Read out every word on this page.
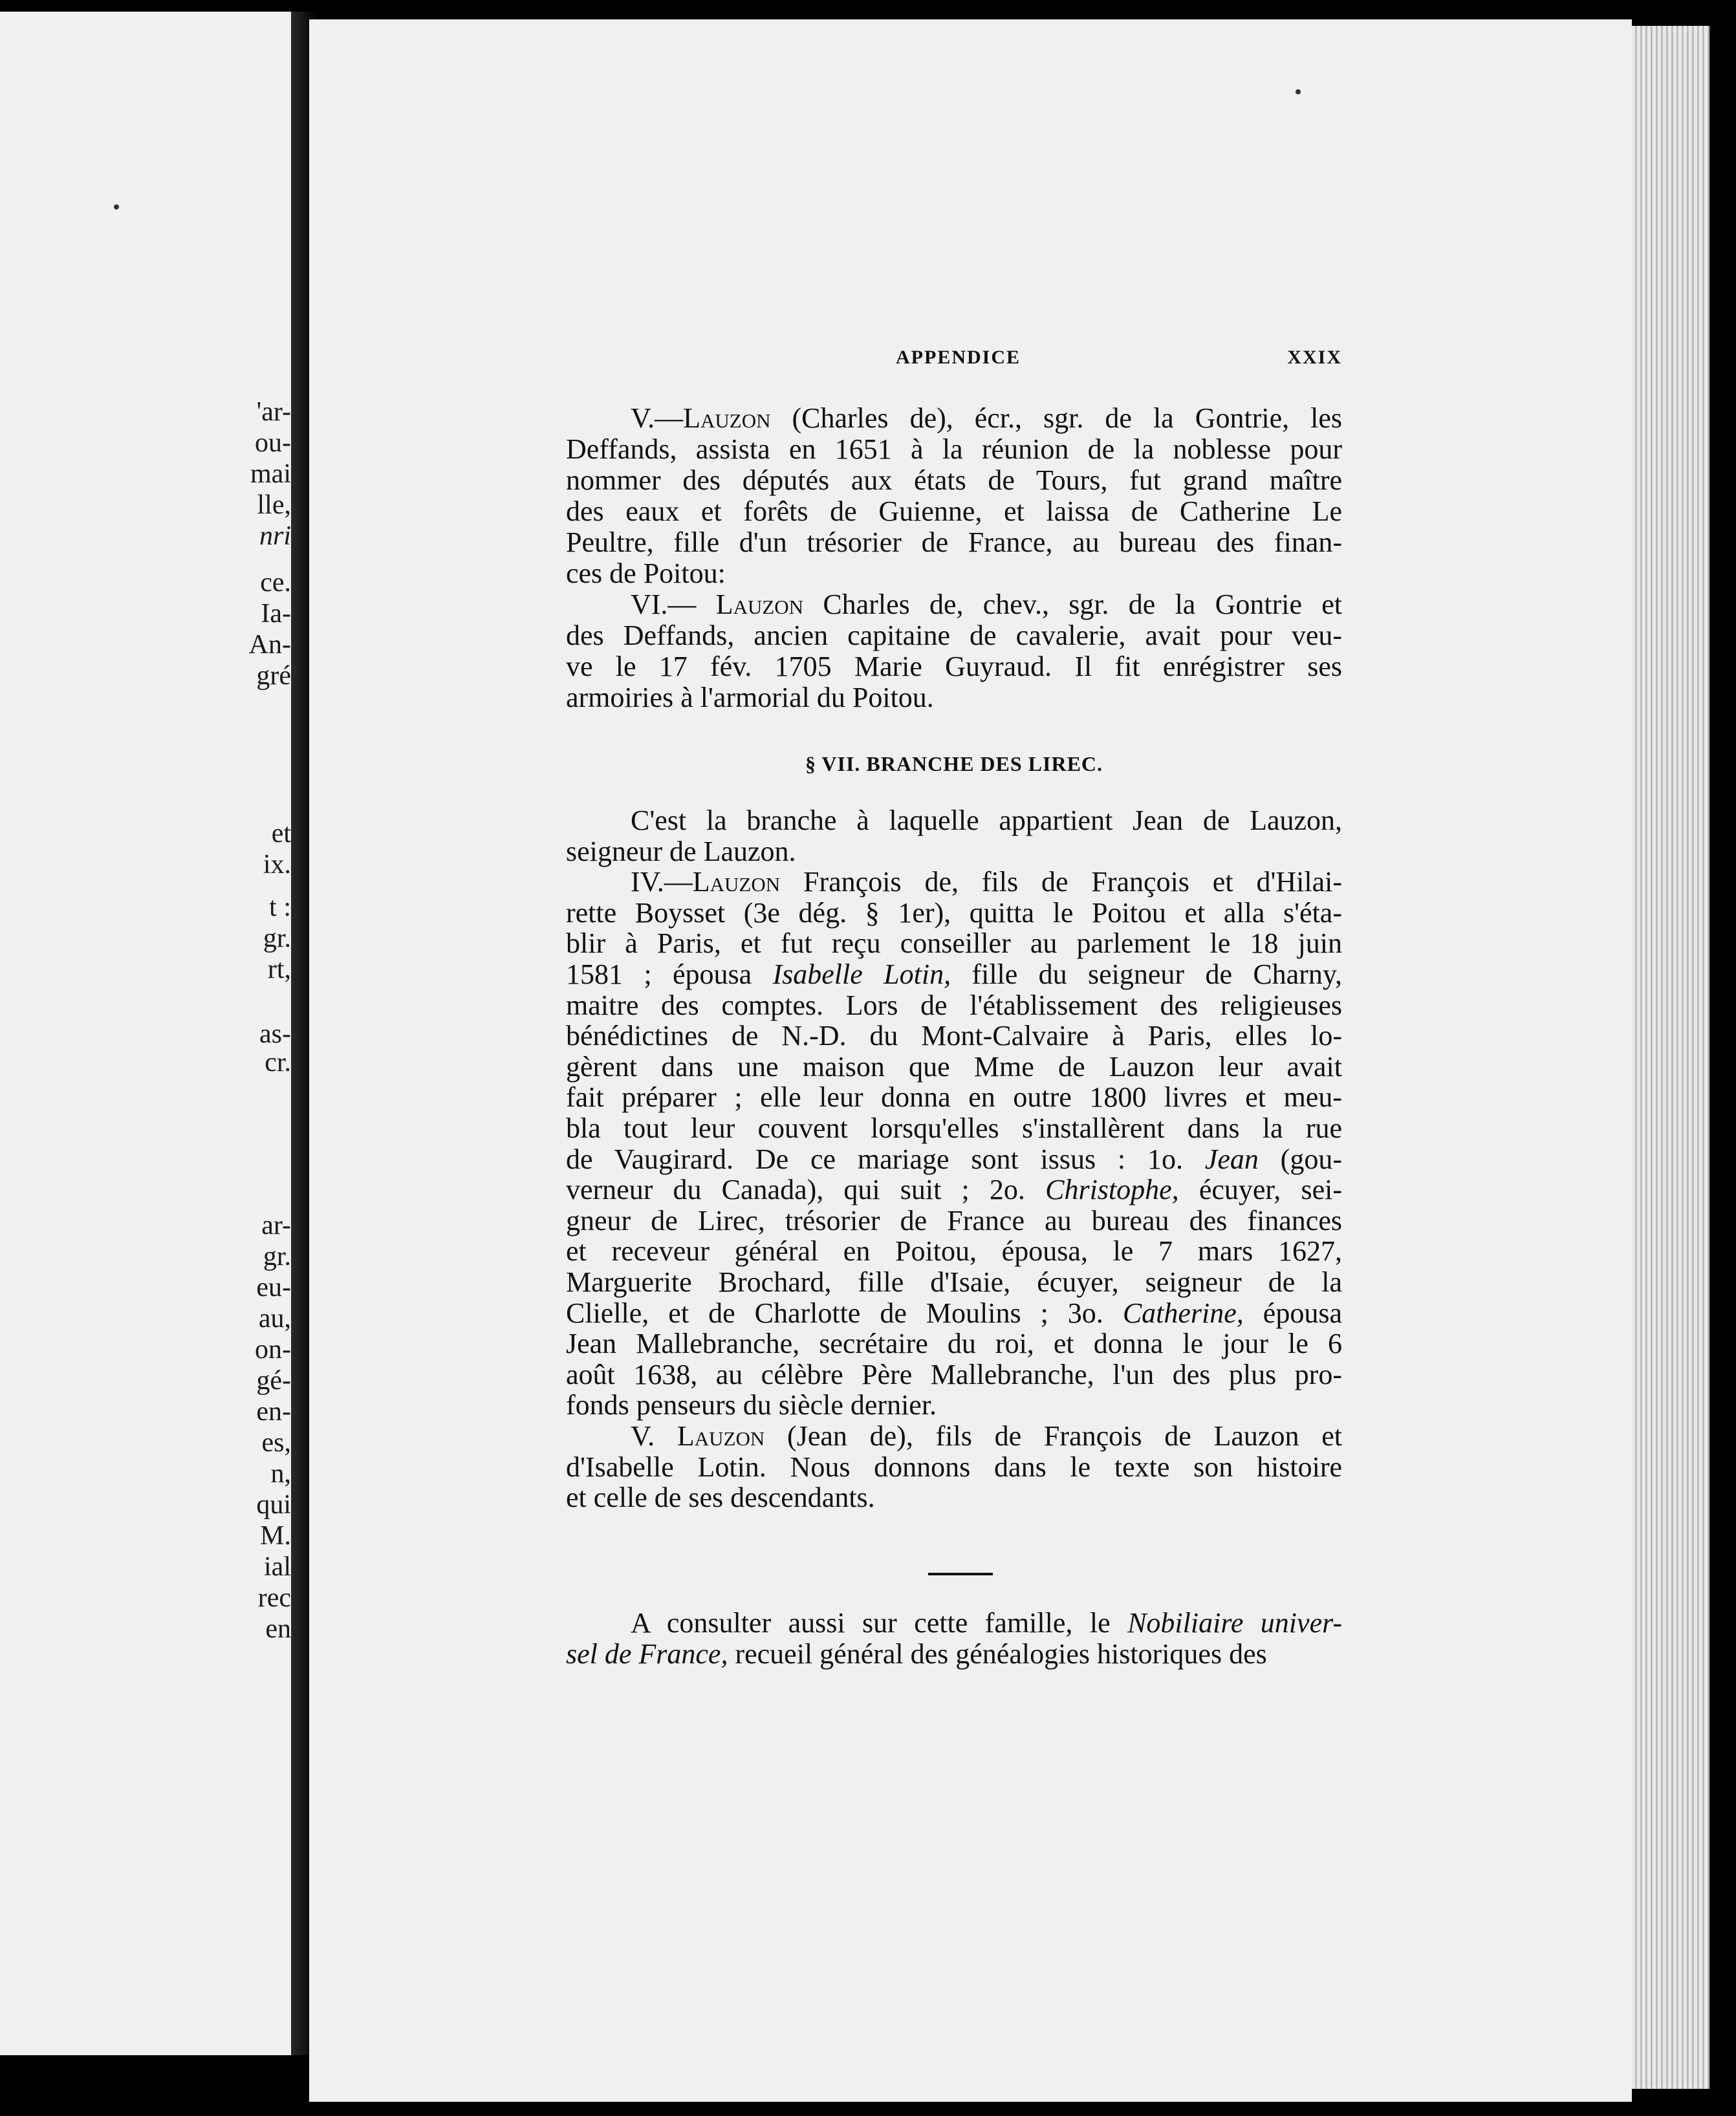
'ar-
ou-
mai
lle,
nri
ce.
Ia-
An-
gré
et
ix.
t :
gr.
rt,
as-
cr.
ar-
gr.
eu-
au,
on-
gé-
en-
es,
n,
qui
M.
ial
rec
en
APPENDICE	XXIX
V.—Lauzon (Charles de), écr., sgr. de la Gontrie, les
Deffands, assista en 1651 à la réunion de la noblesse pour
nommer des députés aux états de Tours, fut grand maître
des eaux et forêts de Guienne, et laissa de Catherine Le
Peultre, fille d'un trésorier de France, au bureau des finan-
ces de Poitou:
VI.— Lauzon Charles de, chev., sgr. de la Gontrie et
des Deffands, ancien capitaine de cavalerie, avait pour veu-
ve le 17 fév. 1705 Marie Guyraud. Il fit enrégistrer ses
armoiries à l'armorial du Poitou.
§ VII. BRANCHE DES LIREC.
C'est la branche à laquelle appartient Jean de Lauzon,
seigneur de Lauzon.
IV.—Lauzon François de, fils de François et d'Hilai-
rette Boysset (3e dég. § 1er), quitta le Poitou et alla s'éta-
blir à Paris, et fut reçu conseiller au parlement le 18 juin
1581 ; épousa Isabelle Lotin, fille du seigneur de Charny,
maitre des comptes. Lors de l'établissement des religieuses
bénédictines de N.-D. du Mont-Calvaire à Paris, elles lo-
gèrent dans une maison que Mme de Lauzon leur avait
fait préparer ; elle leur donna en outre 1800 livres et meu-
bla tout leur couvent lorsqu'elles s'installèrent dans la rue
de Vaugirard. De ce mariage sont issus : 1o. Jean (gou-
verneur du Canada), qui suit ; 2o. Christophe, écuyer, sei-
gneur de Lirec, trésorier de France au bureau des finances
et receveur général en Poitou, épousa, le 7 mars 1627,
Marguerite Brochard, fille d'Isaie, écuyer, seigneur de la
Clielle, et de Charlotte de Moulins ; 3o. Catherine, épousa
Jean Mallebranche, secrétaire du roi, et donna le jour le 6
août 1638, au célèbre Père Mallebranche, l'un des plus pro-
fonds penseurs du siècle dernier.
V. Lauzon (Jean de), fils de François de Lauzon et
d'Isabelle Lotin. Nous donnons dans le texte son histoire
et celle de ses descendants.
A consulter aussi sur cette famille, le Nobiliaire univer-
sel de France, recueil général des généalogies historiques des
